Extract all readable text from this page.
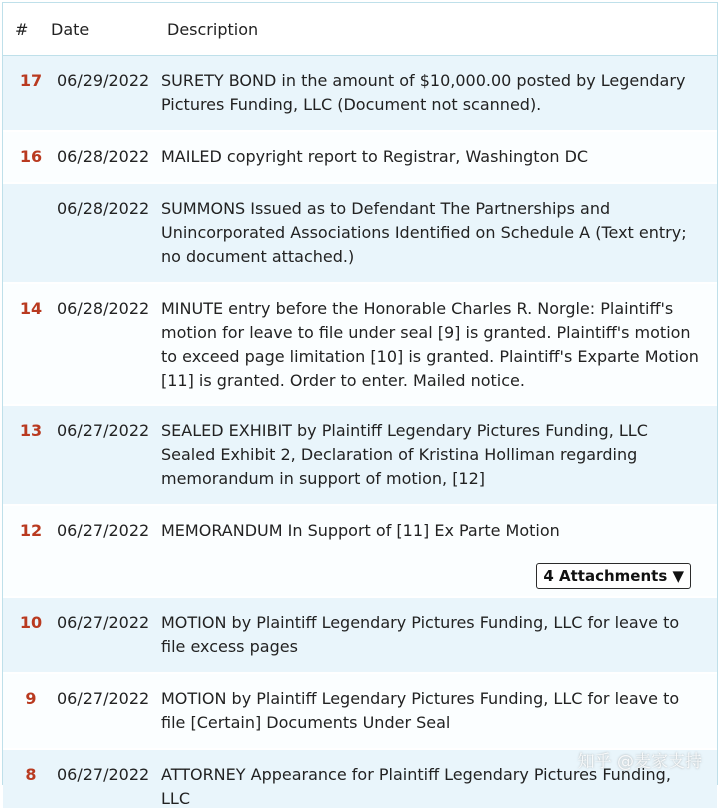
#	Date	Description
17 06/29/2022 SURETY BOND in the amount of $10,000.00 posted by Legendary Pictures Funding, LLC (Document not scanned).
16 06/28/2022 MAILED copyright report to Registrar, Washington DC
06/28/2022 SUMMONS Issued as to Defendant The Partnerships and Unincorporated Associations Identified on Schedule A (Text entry; no document attached.)
14 06/28/2022 MINUTE entry before the Honorable Charles R. Norgle: Plaintiff's motion for leave to file under seal [9] is granted. Plaintiff's motion to exceed page limitation [10] is granted. Plaintiff's Exparte Motion [11] is granted. Order to enter. Mailed notice.
13 06/27/2022 SEALED EXHIBIT by Plaintiff Legendary Pictures Funding, LLC Sealed Exhibit 2, Declaration of Kristina Holliman regarding memorandum in support of motion, [12]
12 06/27/2022 MEMORANDUM In Support of [11] Ex Parte Motion
4 Attachments ▼
10 06/27/2022 MOTION by Plaintiff Legendary Pictures Funding, LLC for leave to file excess pages
9	06/27/2022 MOTION by Plaintiff Legendary Pictures Funding, LLC for leave to file [Certain] Documents Under Seal
8	06/27/2022 ATTORNEY Appearance for Plaintiff Legendary Pictures Funding, LLC
知乎 @麦家支持
